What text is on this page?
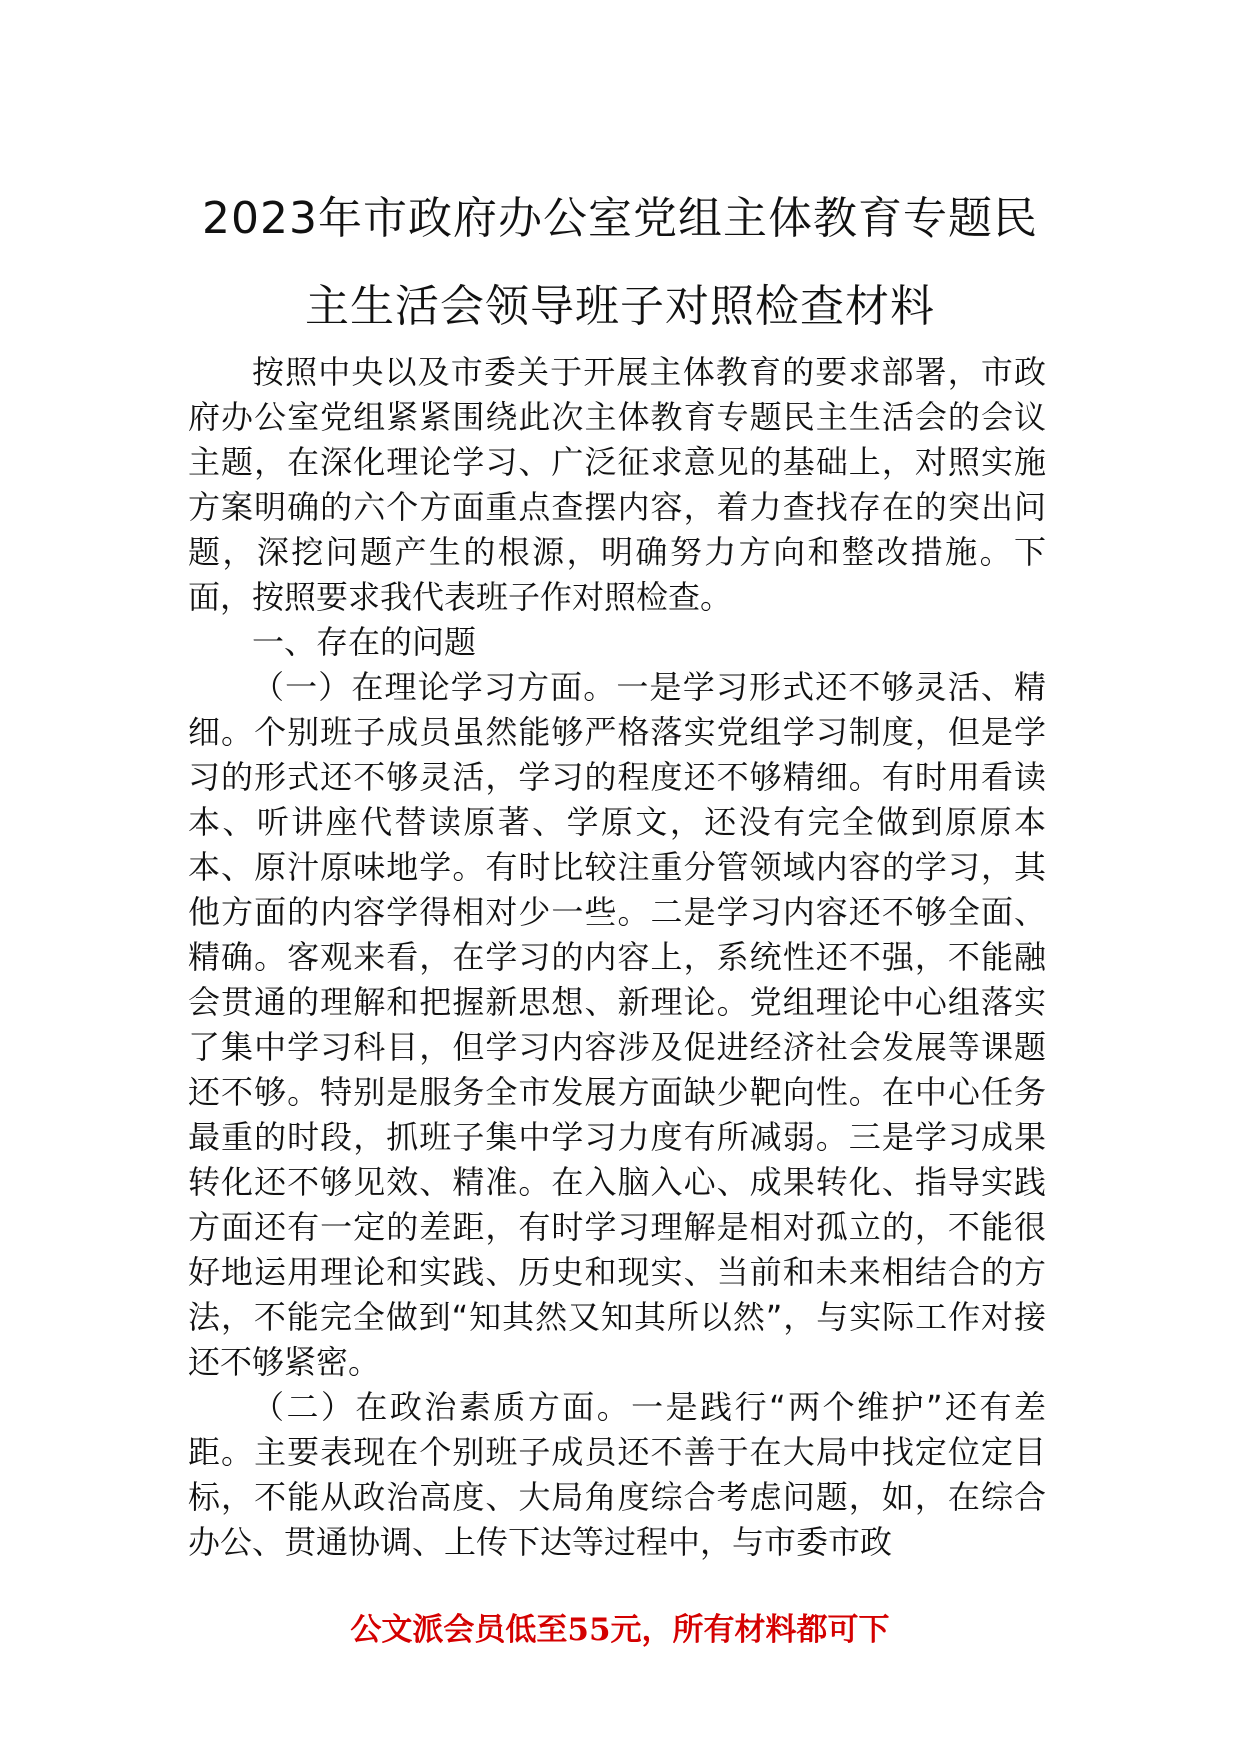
2023年市政府办公室党组主体教育专题民
主生活会领导班子对照检查材料

按照中央以及市委关于开展主体教育的要求部署，市政府办公室党组紧紧围绕此次主体教育专题民主生活会的会议主题，在深化理论学习、广泛征求意见的基础上，对照实施方案明确的六个方面重点查摆内容，着力查找存在的突出问题，深挖问题产生的根源，明确努力方向和整改措施。下面，按照要求我代表班子作对照检查。

一、存在的问题

（一）在理论学习方面。一是学习形式还不够灵活、精细。个别班子成员虽然能够严格落实党组学习制度，但是学习的形式还不够灵活，学习的程度还不够精细。有时用看读本、听讲座代替读原著、学原文，还没有完全做到原原本本、原汁原味地学。有时比较注重分管领域内容的学习，其他方面的内容学得相对少一些。二是学习内容还不够全面、精确。客观来看，在学习的内容上，系统性还不强，不能融会贯通的理解和把握新思想、新理论。党组理论中心组落实了集中学习科目，但学习内容涉及促进经济社会发展等课题还不够。特别是服务全市发展方面缺少靶向性。在中心任务最重的时段，抓班子集中学习力度有所减弱。三是学习成果转化还不够见效、精准。在入脑入心、成果转化、指导实践方面还有一定的差距，有时学习理解是相对孤立的，不能很好地运用理论和实践、历史和现实、当前和未来相结合的方法，不能完全做到“知其然又知其所以然”，与实际工作对接还不够紧密。

（二）在政治素质方面。一是践行“两个维护”还有差距。主要表现在个别班子成员还不善于在大局中找定位定目标，不能从政治高度、大局角度综合考虑问题，如，在综合办公、贯通协调、上传下达等过程中，与市委市政

公文派会员低至55元，所有材料都可下
